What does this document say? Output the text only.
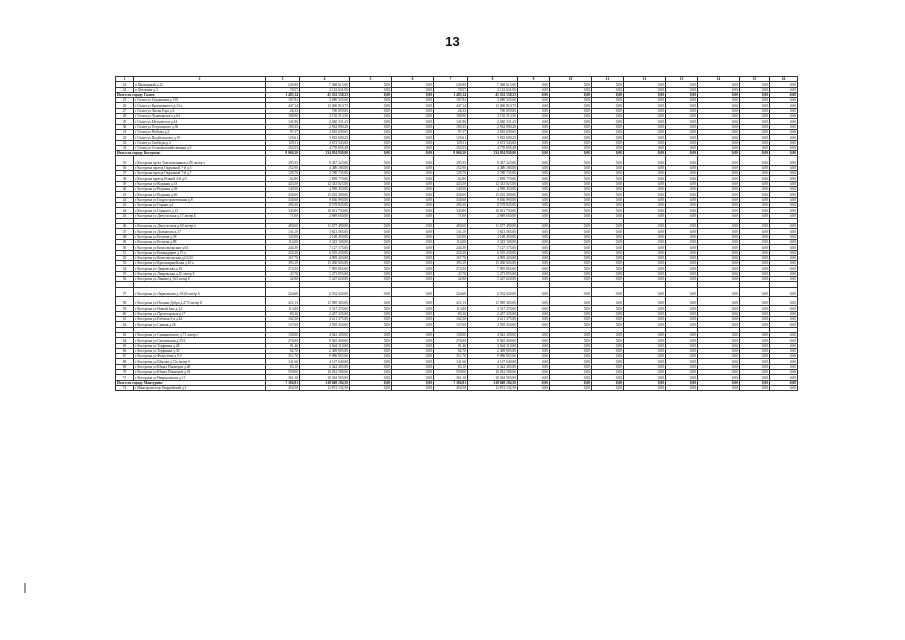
13
1	2	3	4	5	6	7	8	9	10	11	12	13	14	15	16
23	п Пионерный д.22	236,90	7 468 615,00	0,00	0,00	236,90	7 468 615,00	0,00	0,00	0,00	0,00	0,00	0,00	0,00	0,00
24	п Хохловка д.4	78,57	3 122 641,00	0,00	0,00	78,57	3 122 641,00	0,00	0,00	0,00	0,00	0,00	0,00	0,00	0,00
Итого по городу Галич:		1 403,14	41 552 158,25	0,00	0,00	1 403,14	41 552 158,25	0,00	0,00	0,00	0,00	0,00	0,00	0,00	0,00
25	г Галич ул Гладышева д.150	107,92	3 080 525,00	0,00	0,00	107,92	3 080 525,00	0,00	0,00	0,00	0,00	0,00	0,00	0,00	0,00
26	г Галич ул Красноватого д.13 а	447,14	12 066 910,75	0,00	0,00	447,14	12 066 910,75	0,00	0,00	0,00	0,00	0,00	0,00	0,00	0,00
27	г Галич ул Лисья Гора д.3	26,32	700 659,00	0,00	0,00	26,32	700 659,00	0,00	0,00	0,00	0,00	0,00	0,00	0,00	0,00
28	г Галич ул Луначарского д.64	108,90	3 135 313,50	0,00	0,00	108,90	3 135 313,50	0,00	0,00	0,00	0,00	0,00	0,00	0,00	0,00
29	г Галич ул Металистов д.44	141,80	4 040 331,25	0,00	0,00	141,80	4 040 331,25	0,00	0,00	0,00	0,00	0,00	0,00	0,00	0,00
30	г Галич ул Островского д.30	100,35	2 932 090,20	0,00	0,00	100,35	2 932 090,20	0,00	0,00	0,00	0,00	0,00	0,00	0,00	0,00
31	г Галич ул Победы д.2	97,17	2 845 639,65	0,00	0,00	97,17	2 845 639,65	0,00	0,00	0,00	0,00	0,00	0,00	0,00	0,00
32	г Галич ул Подбельского д.19	135,61	3 825 609,25	0,00	0,00	135,61	3 825 609,25	0,00	0,00	0,00	0,00	0,00	0,00	0,00	0,00
33	г Галич ул Свободы д.3	129,11	3 673 543,00	0,00	0,00	129,11	3 673 543,00	0,00	0,00	0,00	0,00	0,00	0,00	0,00	0,00
34	г Галич ул Сельскохозяйственная д.5	165,53	4 770 605,40	0,00	0,00	165,53	4 770 605,40	0,00	0,00	0,00	0,00	0,00	0,00	0,00	0,00
Итого по городу Кострома:		8 060,20	234 954 930,00	0,00	0,00	8 060,20	234 954 930,00	0,00	0,00	0,00	0,00	0,00	0,00	0,00	0,00
35	г Кострома пр-кт Текстильщиков д.80 литер а	293,35	8 457 225,00	0,00	0,00	293,35	8 457 225,00	0,00	0,00	0,00	0,00	0,00	0,00	0,00	0,00
36	г Кострома проезд Окружной 7-й д.5	152,90	4 486 180,00	0,00	0,00	152,90	4 486 180,00	0,00	0,00	0,00	0,00	0,00	0,00	0,00	0,00
37	г Кострома проезд Окружной 7-й д.7	129,70	3 780 735,00	0,00	0,00	129,70	3 780 735,00	0,00	0,00	0,00	0,00	0,00	0,00	0,00	0,00
38	г Кострома проезд Речной 4-й д.9	62,80	1 859 770,00	0,00	0,00	62,80	1 859 770,00	0,00	0,00	0,00	0,00	0,00	0,00	0,00	0,00
39	г Кострома ул Водяная д.33	423,50	12 343 025,00	0,00	0,00	423,50	12 343 025,00	0,00	0,00	0,00	0,00	0,00	0,00	0,00	0,00
40	г Кострома ул Водяная д.38	140,00	4 098 450,00	0,00	0,00	140,00	4 098 450,00	0,00	0,00	0,00	0,00	0,00	0,00	0,00	0,00
41	г Кострома ул Водяная д.40	456,00	13 292 490,00	0,00	0,00	456,00	13 292 490,00	0,00	0,00	0,00	0,00	0,00	0,00	0,00	0,00
42	г Кострома ул Гидростроительная д.8	330,60	9 636 990,00	0,00	0,00	330,60	9 636 990,00	0,00	0,00	0,00	0,00	0,00	0,00	0,00	0,00
43	г Кострома ул Горная д.4	294,30	8 578 845,00	0,00	0,00	294,30	8 578 845,00	0,00	0,00	0,00	0,00	0,00	0,00	0,00	0,00
44	г Кострома ул Горького д.15	345,80	10 021 750,00	0,00	0,00	345,80	10 021 750,00	0,00	0,00	0,00	0,00	0,00	0,00	0,00	0,00
45	г Кострома ул Депутатская д.17 литер Б	71,00	2 069 650,00	0,00	0,00	71,00	2 069 650,00	0,00	0,00	0,00	0,00	0,00	0,00	0,00	0,00

46	г Кострома ул Депутатская д.60 литер а	400,60	11 677 490,00	0,00	0,00	400,60	11 677 490,00	0,00	0,00	0,00	0,00	0,00	0,00	0,00	0,00
47	г Кострома ул Долматова д.17	131,10	3 821 565,00	0,00	0,00	131,10	3 821 565,00	0,00	0,00	0,00	0,00	0,00	0,00	0,00	0,00
48	г Кострома ул Козуева д.58	143,00	4 168 450,00	0,00	0,00	143,00	4 168 450,00	0,00	0,00	0,00	0,00	0,00	0,00	0,00	0,00
49	г Кострома ул Козуева д.88	114,00	3 323 100,00	0,00	0,00	114,00	3 323 100,00	0,00	0,00	0,00	0,00	0,00	0,00	0,00	0,00
50	г Кострома ул Комсомольская д.63	244,50	7 127 175,00	0,00	0,00	244,50	7 127 175,00	0,00	0,00	0,00	0,00	0,00	0,00	0,00	0,00
51	г Кострома ул Командиров д.73 а	224,20	6 535 430,00	0,00	0,00	224,20	6 535 430,00	0,00	0,00	0,00	0,00	0,00	0,00	0,00	0,00
52	г Кострома ул Комсомольская д.61/43	167,70	4 905 420,00	0,00	0,00	167,70	4 905 420,00	0,00	0,00	0,00	0,00	0,00	0,00	0,00	0,00
53	г Кострома ул Красноармейская д.10 а	393,19	11 450 603,00	0,00	0,00	393,19	11 450 603,00	0,00	0,00	0,00	0,00	0,00	0,00	0,00	0,00
54	г Кострома ул Лавровская д.16	274,50	7 995 865,00	0,00	0,00	274,50	7 995 865,00	0,00	0,00	0,00	0,00	0,00	0,00	0,00	0,00
55	г Кострома ул Лавровская д.25 литер Б	43,70	1 273 855,00	0,00	0,00	43,70	1 273 855,00	0,00	0,00	0,00	0,00	0,00	0,00	0,00	0,00
56	г Кострома ул Ленина д.16/1литер Е	42,80	1 247 620,00	0,00	0,00	42,80	1 247 620,00	0,00	0,00	0,00	0,00	0,00	0,00	0,00	0,00

57	г Кострома ул Лермонтова д.10/26 литер б	224,60	6 552 920,00	0,00	0,00	224,60	6 552 920,00	0,00	0,00	0,00	0,00	0,00	0,00	0,00	0,00
58	г Кострома ул Наташи Дубра д.27/5 литер Б	411,15	11 985 365,00	0,00	0,00	411,15	11 985 365,00	0,00	0,00	0,00	0,00	0,00	0,00	0,00	0,00
59	г Кострома ул Новый Быт д.14	113,80	3 317 270,00	0,00	0,00	113,80	3 317 270,00	0,00	0,00	0,00	0,00	0,00	0,00	0,00	0,00
60	г Кострома ул Пролетарская д.17	84,30	2 457 345,00	0,00	0,00	84,30	2 457 345,00	0,00	0,00	0,00	0,00	0,00	0,00	0,00	0,00
61	г Кострома ул Рабочая 3-я д.42	102,50	3 611 375,00	0,00	0,00	102,50	3 611 375,00	0,00	0,00	0,00	0,00	0,00	0,00	0,00	0,00
62	г Кострома ул Сенная д.26	137,00	3 935 250,00	0,00	0,00	137,00	3 935 250,00	0,00	0,00	0,00	0,00	0,00	0,00	0,00	0,00

63	г Кострома ул Симановского д.71 литер г	158,00	4 022 300,00	0,00	0,00	158,00	4 022 300,00	0,00	0,00	0,00	0,00	0,00	0,00	0,00	0,00
64	г Кострома ул Смоленская д.35/1	276,00	8 045 400,00	0,00	0,00	276,00	8 045 400,00	0,00	0,00	0,00	0,00	0,00	0,00	0,00	0,00
65	г Кострома ул Терфинка д.28	91,40	2 664 310,00	0,00	0,00	91,40	2 664 310,00	0,00	0,00	0,00	0,00	0,00	0,00	0,00	0,00
66	г Кострома ул Терфинка д.30	84,70	2 469 005,00	0,00	0,00	84,70	2 469 005,00	0,00	0,00	0,00	0,00	0,00	0,00	0,00	0,00
67	г Кострома ул Федосеева д.9 б	311,70	9 086 055,00	0,00	0,00	311,70	9 086 055,00	0,00	0,00	0,00	0,00	0,00	0,00	0,00	0,00
68	г Кострома ул Шагова д.71а литер б	141,60	4 127 640,00	0,00	0,00	141,60	4 127 640,00	0,00	0,00	0,00	0,00	0,00	0,00	0,00	0,00
69	г Кострома ул Юных Пионеров д.48	83,10	2 422 365,00	0,00	0,00	83,10	2 422 365,00	0,00	0,00	0,00	0,00	0,00	0,00	0,00	0,00
70	г Кострома ул Юных Пионеров д.92	550,00	16 032 500,00	0,00	0,00	550,00	16 032 500,00	0,00	0,00	0,00	0,00	0,00	0,00	0,00	0,00
71	г Кострома ул Некрасовское д.11	361,10	10 562 565,00	0,00	0,00	361,10	10 562 565,00	0,00	0,00	0,00	0,00	0,00	0,00	0,00	0,00
Итого по городу Мантурово:		7 306,81	218 669 194,50	0,00	0,00	7 306,81	218 669 194,50	0,00	0,00	0,00	0,00	0,00	0,00	0,00	0,00
72	г Мантурово пер Гвардейский д.1	450,50	12 872 132,50	0,00	0,00	450,50	12 872 132,50	0,00	0,00	0,00	0,00	0,00	0,00	0,00	0,00
